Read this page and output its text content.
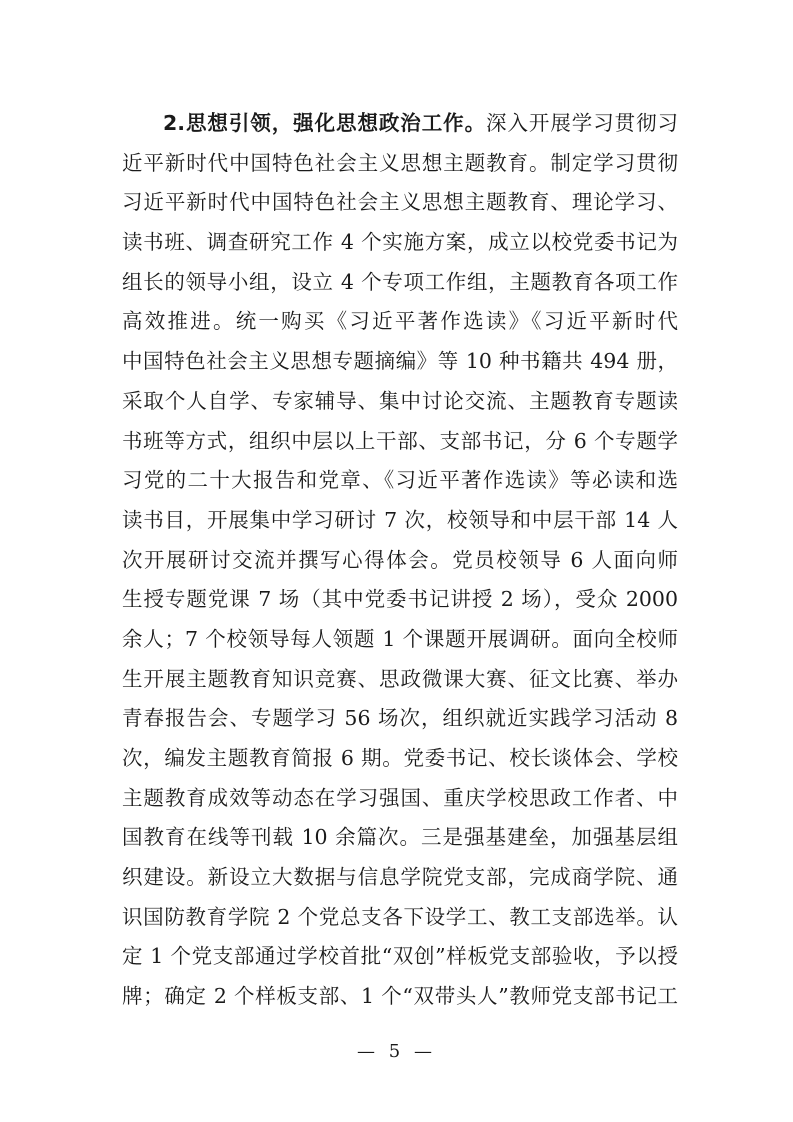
2.思想引领，强化思想政治工作。深入开展学习贯彻习
近平新时代中国特色社会主义思想主题教育。制定学习贯彻
习近平新时代中国特色社会主义思想主题教育、理论学习、
读书班、调查研究工作 4 个实施方案，成立以校党委书记为
组长的领导小组，设立 4 个专项工作组，主题教育各项工作
高效推进。统一购买《习近平著作选读》《习近平新时代
中国特色社会主义思想专题摘编》等 10 种书籍共 494 册，
采取个人自学、专家辅导、集中讨论交流、主题教育专题读
书班等方式，组织中层以上干部、支部书记，分 6 个专题学
习党的二十大报告和党章、《习近平著作选读》等必读和选
读书目，开展集中学习研讨 7 次，校领导和中层干部 14 人
次开展研讨交流并撰写心得体会。党员校领导 6 人面向师
生授专题党课 7 场（其中党委书记讲授 2 场），受众 2000
余人；7 个校领导每人领题 1 个课题开展调研。面向全校师
生开展主题教育知识竞赛、思政微课大赛、征文比赛、举办
青春报告会、专题学习 56 场次，组织就近实践学习活动 8
次，编发主题教育简报 6 期。党委书记、校长谈体会、学校
主题教育成效等动态在学习强国、重庆学校思政工作者、中
国教育在线等刊载 10 余篇次。三是强基建垒，加强基层组
织建设。新设立大数据与信息学院党支部，完成商学院、通
识国防教育学院 2 个党总支各下设学工、教工支部选举。认
定 1 个党支部通过学校首批“双创”样板党支部验收，予以授
牌；确定 2 个样板支部、1 个“双带头人”教师党支部书记工
— 5 —
